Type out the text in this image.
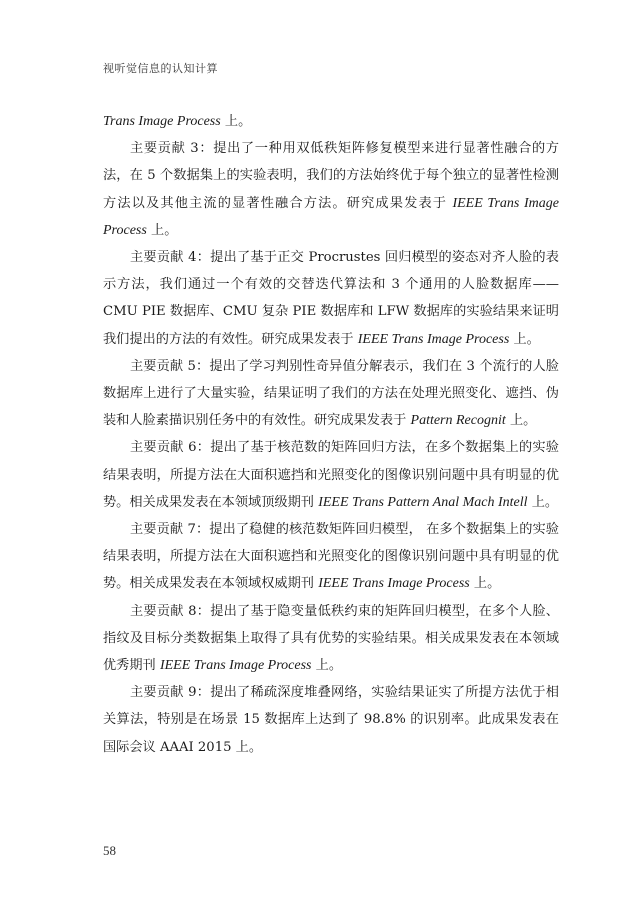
视听觉信息的认知计算

Trans Image Process 上。

主要贡献 3：提出了一种用双低秩矩阵修复模型来进行显著性融合的方法，在 5 个数据集上的实验表明，我们的方法始终优于每个独立的显著性检测方法以及其他主流的显著性融合方法。研究成果发表于 IEEE Trans Image Process 上。

主要贡献 4：提出了基于正交 Procrustes 回归模型的姿态对齐人脸的表示方法，我们通过一个有效的交替迭代算法和 3 个通用的人脸数据库——CMU PIE 数据库、CMU 复杂 PIE 数据库和 LFW 数据库的实验结果来证明我们提出的方法的有效性。研究成果发表于 IEEE Trans Image Process 上。

主要贡献 5：提出了学习判别性奇异值分解表示，我们在 3 个流行的人脸数据库上进行了大量实验，结果证明了我们的方法在处理光照变化、遮挡、伪装和人脸素描识别任务中的有效性。研究成果发表于 Pattern Recognit 上。

主要贡献 6：提出了基于核范数的矩阵回归方法，在多个数据集上的实验结果表明，所提方法在大面积遮挡和光照变化的图像识别问题中具有明显的优势。相关成果发表在本领域顶级期刊 IEEE Trans Pattern Anal Mach Intell 上。

主要贡献 7：提出了稳健的核范数矩阵回归模型， 在多个数据集上的实验结果表明，所提方法在大面积遮挡和光照变化的图像识别问题中具有明显的优势。相关成果发表在本领域权威期刊 IEEE Trans Image Process 上。

主要贡献 8：提出了基于隐变量低秩约束的矩阵回归模型，在多个人脸、指纹及目标分类数据集上取得了具有优势的实验结果。相关成果发表在本领域优秀期刊 IEEE Trans Image Process 上。

主要贡献 9：提出了稀疏深度堆叠网络，实验结果证实了所提方法优于相关算法，特别是在场景 15 数据库上达到了 98.8% 的识别率。此成果发表在国际会议 AAAI 2015 上。

58
